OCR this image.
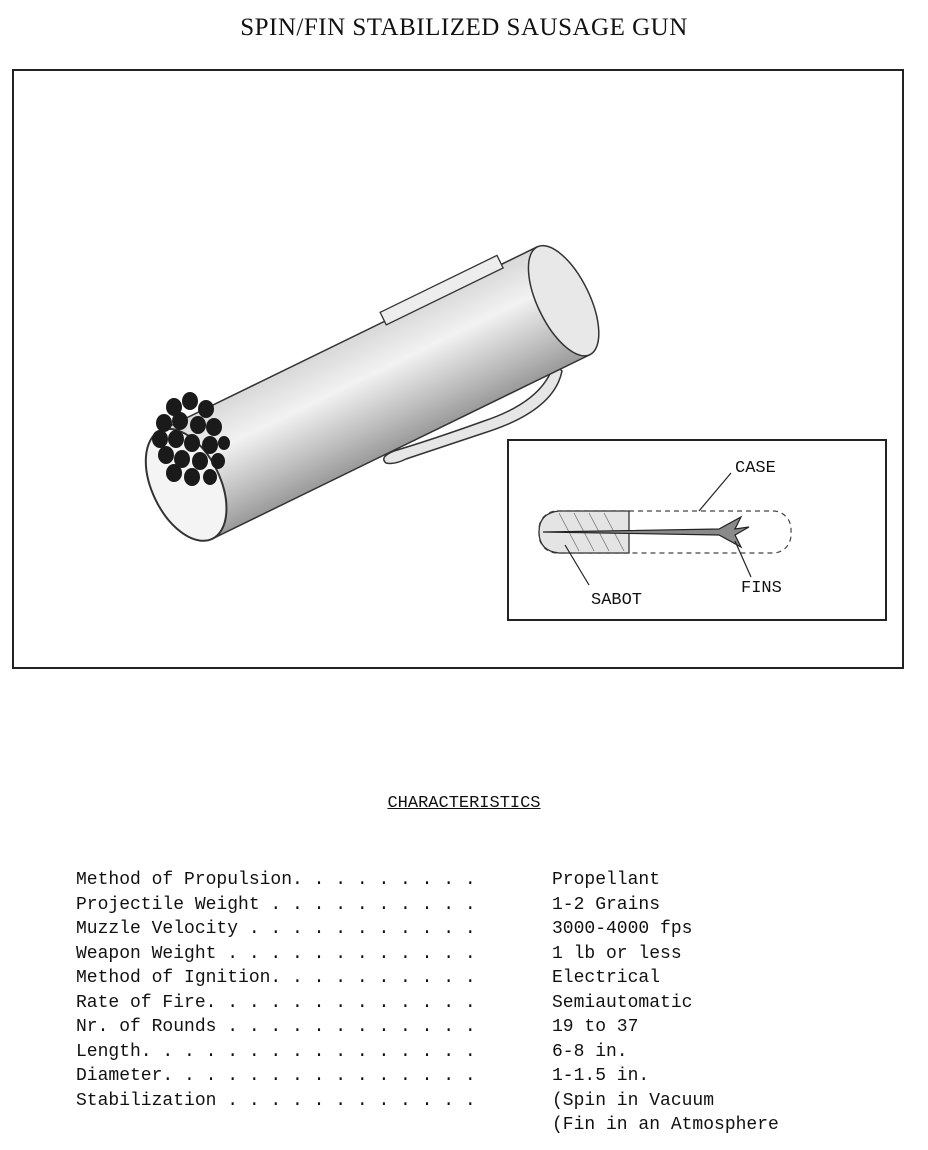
SPIN/FIN STABILIZED SAUSAGE GUN
CASE
FINS
SABOT
CHARACTERISTICS
Method of Propulsion. . . . . . . . .	Propellant
Projectile Weight . . . . . . . . . .	1-2 Grains
Muzzle Velocity . . . . . . . . . . .	3000-4000 fps
Weapon Weight . . . . . . . . . . . .	1 lb or less
Method of Ignition. . . . . . . . . .	Electrical
Rate of Fire. . . . . . . . . . . . .	Semiautomatic
Nr. of Rounds . . . . . . . . . . . .	19 to 37
Length. . . . . . . . . . . . . . . .	6-8 in.
Diameter. . . . . . . . . . . . . . .	1-1.5 in.
Stabilization . . . . . . . . . . . .	(Spin in Vacuum
(Fin in an Atmosphere
